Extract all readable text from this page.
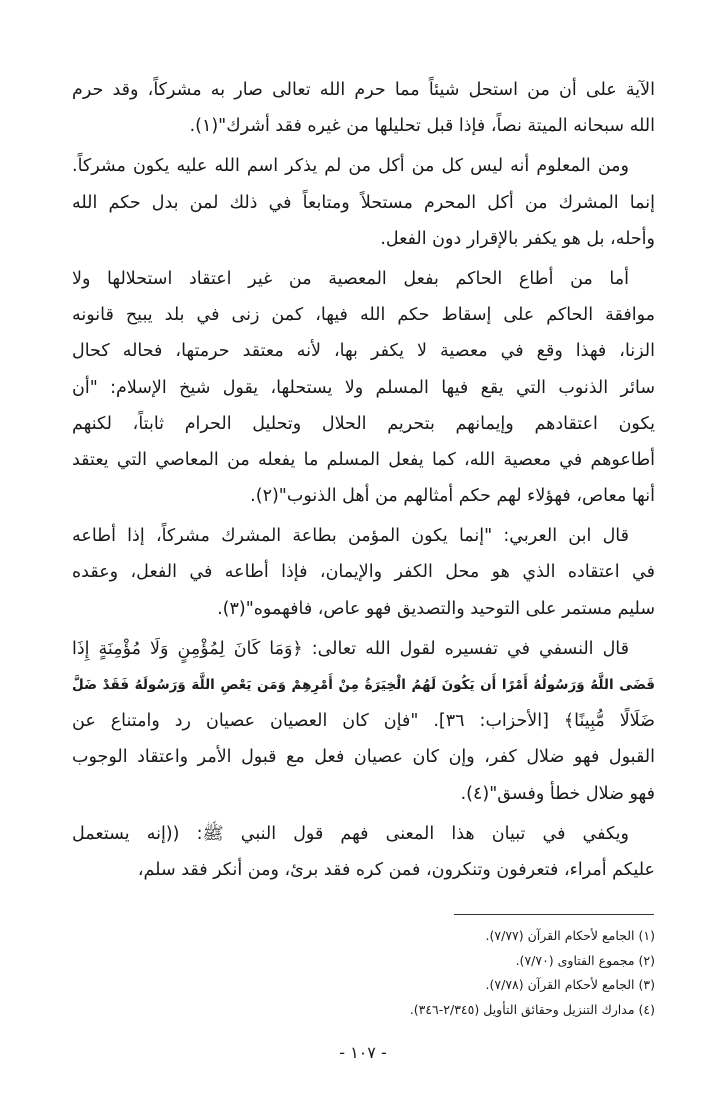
الآية على أن من استحل شيئاً مما حرم الله تعالى صار به مشركاً، وقد حرم
الله سبحانه الميتة نصاً، فإذا قبل تحليلها من غيره فقد أشرك"(١).
ومن المعلوم أنه ليس كل من أكل من لم يذكر اسم الله عليه يكون مشركاً.
إنما المشرك من أكل المحرم مستحلاً ومتابعاً في ذلك لمن بدل حكم الله
وأحله، بل هو يكفر بالإقرار دون الفعل.
أما من أطاع الحاكم بفعل المعصية من غير اعتقاد استحلالها ولا
موافقة الحاكم على إسقاط حكم الله فيها، كمن زنى في بلد يبيح قانونه
الزنا، فهذا وقع في معصية لا يكفر بها، لأنه معتقد حرمتها، فحاله كحال
سائر الذنوب التي يقع فيها المسلم ولا يستحلها، يقول شيخ الإسلام: "أن
يكون اعتقادهم وإيمانهم بتحريم الحلال وتحليل الحرام ثابتاً، لكنهم
أطاعوهم في معصية الله، كما يفعل المسلم ما يفعله من المعاصي التي يعتقد
أنها معاص، فهؤلاء لهم حكم أمثالهم من أهل الذنوب"(٢).
قال ابن العربي: "إنما يكون المؤمن بطاعة المشرك مشركاً، إذا أطاعه
في اعتقاده الذي هو محل الكفر والإيمان، فإذا أطاعه في الفعل، وعقده
سليم مستمر على التوحيد والتصديق فهو عاص، فافهموه"(٣).
قال النسفي في تفسيره لقول الله تعالى: ﴿وَمَا كَانَ لِمُؤْمِنٍ وَلَا مُؤْمِنَةٍ إِذَا
قَضَى اللَّهُ وَرَسُولُهُ أَمْرًا أَن يَكُونَ لَهُمُ الْخِيَرَةُ مِنْ أَمْرِهِمْ وَمَن يَعْصِ اللَّهَ وَرَسُولَهُ فَقَدْ ضَلَّ
ضَلَالًا مُّبِينًا﴾ [الأحزاب: ٣٦]. "فإن كان العصيان عصيان رد وامتناع عن
القبول فهو ضلال كفر، وإن كان عصيان فعل مع قبول الأمر واعتقاد الوجوب
فهو ضلال خطأ وفسق"(٤).
ويكفي في تبيان هذا المعنى فهم قول النبي ﷺ: ((إنه يستعمل
عليكم أمراء، فتعرفون وتنكرون، فمن كره فقد برئ، ومن أنكر فقد سلم،
(١) الجامع لأحكام القرآن (٧/٧٧).
(٢) مجموع الفتاوى (٧/٧٠).
(٣) الجامع لأحكام القرآن (٧/٧٨).
(٤) مدارك التنزيل وحقائق التأويل (٢/٣٤٥-٣٤٦).
- ١٠٧ -
